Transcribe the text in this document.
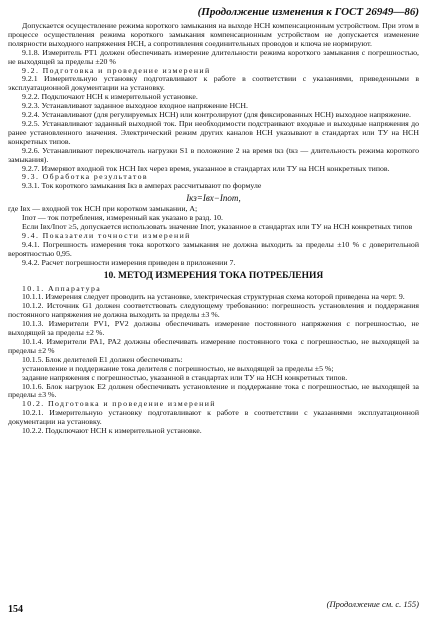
(Продолжение изменения к ГОСТ 26949—86)

Допускается осуществление режима короткого замыкания на выходе НСН компенсационным устройством. При этом в процессе осуществления режима короткого замыкания компенсационным устройством не допускается изменение полярности выходного напряжения НСН, а сопротивления соединительных проводов и ключа не нормируют.

9.1.8. Измеритель РТ1 должен обеспечивать измерение длительности режима короткого замыкания с погрешностью, не выходящей за пределы ±20 %

9.2. Подготовка и проведение измерений

9.2.1 Измерительную установку подготавливают к работе в соответствии с указаниями, приведенными в эксплуатационной документации на установку.

9.2.2. Подключают НСН к измерительной установке.

9.2.3. Устанавливают заданное выходное входное напряжение НСН.

9.2.4. Устанавливают (для регулируемых НСН) или контролируют (для фиксированных НСН) выходное напряжение.

9.2.5. Устанавливают заданный выходной ток. При необходимости подстраивают входные и выходные напряжения до ранее установленного значения. Электрический режим других каналов НСН указывают в стандартах или ТУ на НСН конкретных типов.

9.2.6. Устанавливают переключатель нагрузки S1 в положение 2 на время tкз (tкз — длительность режима короткого замыкания).

9.2.7. Измеряют входной ток НСН Iвх через время, указанное в стандартах или ТУ на НСН конкретных типов.

9.3. Обработка результатов

9.3.1. Ток короткого замыкания Iкз в амперах рассчитывают по формуле

Iкз=Iвх−Iпот,

где Iвх — входной ток НСН при коротком замыкании, А;

Iпот — ток потребления, измеренный как указано в разд. 10.

Если Iвх/Iпот ≥5, допускается использовать значение Iпот, указанное в стандартах или ТУ на НСН конкретных типов

9.4. Показатели точности измерений

9.4.1. Погрешность измерения тока короткого замыкания не должна выходить за пределы ±10 % с доверительной вероятностью 0,95.

9.4.2. Расчет погрешности измерения приведен в приложении 7.

10. МЕТОД ИЗМЕРЕНИЯ ТОКА ПОТРЕБЛЕНИЯ

10.1. Аппаратура

10.1.1. Измерения следует проводить на установке, электрическая структурная схема которой приведена на черт. 9.

10.1.2. Источник G1 должен соответствовать следующему требованию: погрешность установления и поддержания постоянного напряжения не должна выходить за пределы ±3 %.

10.1.3. Измерители PV1, PV2 должны обеспечивать измерение постоянного напряжения с погрешностью, не выходящей за пределы ±2 %.

10.1.4. Измерители PA1, PA2 должны обеспечивать измерение постоянного тока с погрешностью, не выходящей за пределы ±2 %

10.1.5. Блок делителей E1 должен обеспечивать:

установление и поддержание тока делителя с погрешностью, не выходящей за пределы ±5 %;

задание напряжения с погрешностью, указанной в стандартах или ТУ на НСН конкретных типов.

10.1.6. Блок нагрузок E2 должен обеспечивать установление и поддержание тока с погрешностью, не выходящей за пределы ±3 %.

10.2. Подготовка и проведение измерений

10.2.1. Измерительную установку подготавливают к работе в соответствии с указаниями эксплуатационной документации на установку.

10.2.2. Подключают НСН к измерительной установке.

(Продолжение см. с. 155)
154
